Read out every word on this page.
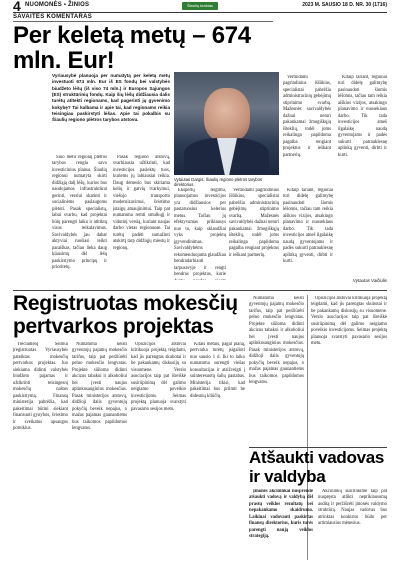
4 NUOMONĖS ▪ ŽINIOS	Šiaulių kraštas	2023 M. SAUSIO 18 D. NR. 30 (1716)
SAVAITĖS KOMENTARAS
Per keletą metų – 674 mln. Eur!
Vyriausybė planuoja per numatytą per keletą metų investuoti 674 mln. Eur iš ES fondų bei valstybės biudžeto lėšų (iš viso 74 mln.) ir Europos Sąjungos (ES) struktūrinių fondų. Kaip šių lėšų didžiausia dalis turėtų atitekti regionams, kad pagerinti jų gyvenimo kokybę? Tai kalbama ir apie tai, kad regionams reikia teisingiau paskirstyti lėšas. Apie tai pokalbis su Šiaulių regiono plėtros tarybos atstovu.

Šiuo metu regionų plėtros tarybos rengia savo investicinius planus. Šiaulių regionui numatyta skirti didžiąją dalį lėšų, kurios bus naudojamos infrastruktūrai gerinti, verslui skatinti ir socialinėms paslaugoms plėtoti. Pasak specialistų, labai svarbu, kad projektai būtų parengti laiku ir atitiktų visus reikalavimus. Savivaldybės jau dabar aktyviai ruošiasi teikti paraiškas, tačiau lieka daug klausimų dėl lėšų paskirstymo principų ir prioritetų.

Pasak regiono atstovų, svarbiausia užtikrinti, kad investicijos pasiektų tuos, kuriems jų labiausiai reikia. Daug dėmesio bus skiriama kelių ir gatvių tvarkymui, viešojo transporto modernizavimui, švietimo įstaigų atnaujinimui. Taip pat numatoma remti smulkųjį ir vidutinį verslą, kuriant naujas darbo vietas regionuose. Tai turėtų padėti sumažinti atskirtį tarp didžiųjų miestų ir regionų.

Vytautas Dargis, Šiaulių regiono plėtros tarybos direktorius.

Ekspertų teigimu, planuojamos investicijos yra didžiausios per pastaruosius kelerius metus. Tačiau jų efektyvumas priklausys nuo to, kaip sklandžiai vyks projektų įgyvendinimas. Savivaldybėms rekomenduojama glaudžiau bendradarbiauti tarpusavyje ir rengti bendrus projektus, kurie

Vertindami pagrindinius iššūkius, specialistai pabrėžia administracinių gebėjimų stiprinimo svarbą. Mažesnės savivaldybės dažnai neturi pakankamai žmogiškųjų išteklių, todėl joms reikalinga papildoma pagalba rengiant projektus ir ieškant partnerių.

Vertindami pagrindinius iššūkius, specialistai pabrėžia administracinių gebėjimų stiprinimo svarbą. Mažesnės savivaldybės dažnai neturi pakankamai žmogiškųjų išteklių, todėl joms reikalinga papildoma pagalba rengiant projektus ir ieškant partnerių.

Kitaip tariant, regionai turi didelę galimybę pasinaudoti šiomis lėšomis, tačiau tam reikia aiškios vizijos, atsakingo planavimo ir nuoseklaus darbo. Tik tada investicijos atneš ilgalaikę naudą gyventojams ir padės sukurti patrauklesnę aplinką gyventi, dirbti ir kurti.

Kitaip tariant, regionai turi didelę galimybę pasinaudoti šiomis lėšomis, tačiau tam reikia aiškios vizijos, atsakingo planavimo ir nuoseklaus darbo. Tik tada investicijos atneš ilgalaikę naudą gyventojams ir padės sukurti patrauklesnę aplinką gyventi, dirbti ir kurti.

Vytautas Vaičiulis
Registruotas mokesčių
pertvarkos projektas

Trečiadienį Seimui įregistruotas Vyriausybės pateiktas mokesčių pertvarkos projektas. Juo siekiama didinti valstybės biudžeto pajamas ir užtikrinti teisingesnį mokesčių naštos paskirstymą. Finansų ministerija pabrėžia, kad pakeitimai būtini siekiant finansuoti gynybos, švietimo ir sveikatos apsaugos poreikius.

Numatoma keisti gyventojų pajamų mokesčio tarifus, taip pat peržiūrėti pelno mokesčio lengvatas. Projekte siūloma didinti akcizus tabakui ir alkoholiui bei įvesti naujus aplinkosauginius mokesčius. Pasak ministerijos atstovų, didžioji dalis gyventojų pokyčių beveik nepajus, o mažas pajamas gaunantiems bus taikomos papildomos lengvatos.

Opozicijos atstovai kritikuoja projektą teigdami, kad jis parengtas skubotai ir be pakankamų diskusijų su visuomene. Verslo asociacijos taip pat išreiškė susirūpinimą dėl galimo neigiamo poveikio investicijoms. Seimas projektą planuoja svarstyti pavasario sesijos metu.

Kitais metais, pagal planą, pertvarka turėtų įsigalioti nuo sausio 1 d. Iki to laiko numatoma surengti viešas konsultacijas ir atsižvelgti į suinteresuotų šalių pastabas. Ministerija tikisi, kad pakeitimai bus priimti be didesnių kliūčių.

Numatoma keisti gyventojų pajamų mokesčio tarifus, taip pat peržiūrėti pelno mokesčio lengvatas. Projekte siūloma didinti akcizus tabakui ir alkoholiui bei įvesti naujus aplinkosauginius mokesčius. Pasak ministerijos atstovų, didžioji dalis gyventojų pokyčių beveik nepajus, o mažas pajamas gaunantiems bus taikomos papildomos lengvatos.

Opozicijos atstovai kritikuoja projektą teigdami, kad jis parengtas skubotai ir be pakankamų diskusijų su visuomene. Verslo asociacijos taip pat išreiškė susirūpinimą dėl galimo neigiamo poveikio investicijoms. Seimas projektą planuoja svarstyti pavasario sesijos metu.

Atšaukti vadovas
ir valdyba

Įmonės akcininkai nusprendė atšaukti vadovą ir valdybą dėl prastų veiklos rezultatų bei nepakankamo skaidrumo. Laikinai vadovauti paskirtas finansų direktorius, kuris turės parengti naują veiklos strategiją.

Akcininkų susirinkime taip pat nuspręsta atlikti nepriklausomą auditą ir peržiūrėti įmonės valdymo struktūrą. Naujas vadovas bus atrinktas konkurso būdu per artimiausius mėnesius.
